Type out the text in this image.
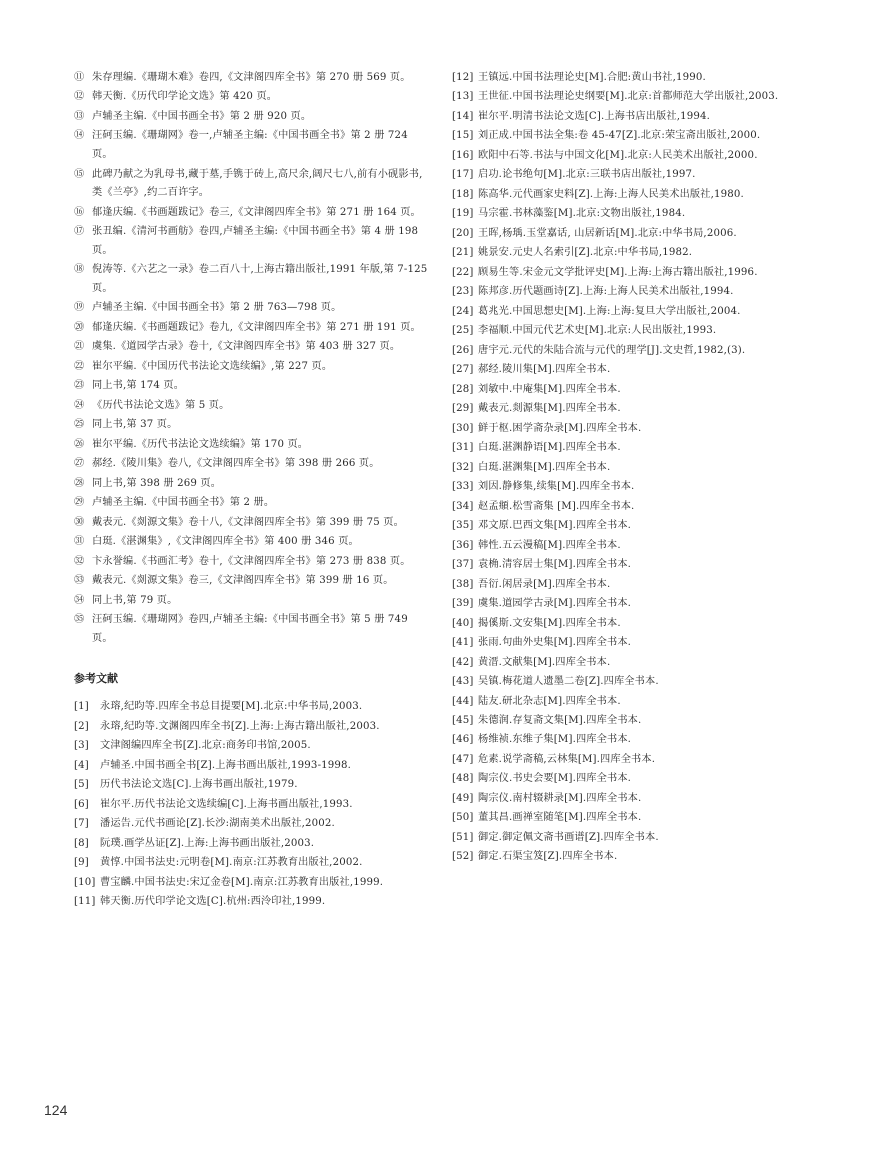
⑪ 朱存理编.《珊瑚木难》卷四,《文津阁四库全书》第 270 册 569 页。
⑫ 韩天衡.《历代印学论文选》第 420 页。
⑬ 卢辅圣主编.《中国书画全书》第 2 册 920 页。
⑭ 汪砢玉编.《珊瑚网》卷一,卢辅圣主编:《中国书画全书》第 2 册 724 页。
⑮ 此碑乃献之为乳母书,藏于墓,手镌于砖上,高尺余,阔尺七八,前有小砚影书,类《兰亭》,约二百许字。
⑯ 郁逢庆编.《书画题跋记》卷三,《文津阁四库全书》第 271 册 164 页。
⑰ 张丑编.《清河书画舫》卷四,卢辅圣主编:《中国书画全书》第 4 册 198 页。
⑱ 倪涛等.《六艺之一录》卷二百八十,上海古籍出版社,1991 年版,第 7-125 页。
⑲ 卢辅圣主编.《中国书画全书》第 2 册 763—798 页。
⑳ 郁逢庆编.《书画题跋记》卷九,《文津阁四库全书》第 271 册 191 页。
㉑ 虞集.《道园学古录》卷十,《文津阁四库全书》第 403 册 327 页。
㉒ 崔尔平编.《中国历代书法论文选续编》,第 227 页。
㉓ 同上书,第 174 页。
㉔ 《历代书法论文选》第 5 页。
㉕ 同上书,第 37 页。
㉖ 崔尔平编.《历代书法论文选续编》第 170 页。
㉗ 郝经.《陵川集》卷八,《文津阁四库全书》第 398 册 266 页。
㉘ 同上书,第 398 册 269 页。
㉙ 卢辅圣主编.《中国书画全书》第 2 册。
㉚ 戴表元.《剡源文集》卷十八,《文津阁四库全书》第 399 册 75 页。
㉛ 白珽.《湛渊集》,《文津阁四库全书》第 400 册 346 页。
㉜ 卞永誉编.《书画汇考》卷十,《文津阁四库全书》第 273 册 838 页。
㉝ 戴表元.《剡源文集》卷三,《文津阁四库全书》第 399 册 16 页。
㉞ 同上书,第 79 页。
㉟ 汪砢玉编.《珊瑚网》卷四,卢辅圣主编:《中国书画全书》第 5 册 749 页。
参考文献
[1] 永瑢,纪昀等.四库全书总目提要[M].北京:中华书局,2003.
[2] 永瑢,纪昀等.文渊阁四库全书[Z].上海:上海古籍出版社,2003.
[3] 文津阁编四库全书[Z].北京:商务印书馆,2005.
[4] 卢辅圣.中国书画全书[Z].上海书画出版社,1993-1998.
[5] 历代书法论文选[C].上海书画出版社,1979.
[6] 崔尔平.历代书法论文选续编[C].上海书画出版社,1993.
[7] 潘运告.元代书画论[Z].长沙:湖南美术出版社,2002.
[8] 阮璞.画学丛证[Z].上海:上海书画出版社,2003.
[9] 黄惇.中国书法史:元明卷[M].南京:江苏教育出版社,2002.
[10] 曹宝麟.中国书法史:宋辽金卷[M].南京:江苏教育出版社,1999.
[11] 韩天衡.历代印学论文选[C].杭州:西泠印社,1999.
[12] 王镇远.中国书法理论史[M].合肥:黄山书社,1990.
[13] 王世征.中国书法理论史纲要[M].北京:首都师范大学出版社,2003.
[14] 崔尔平.明清书法论文选[C].上海书店出版社,1994.
[15] 刘正成.中国书法全集:卷 45-47[Z].北京:荣宝斋出版社,2000.
[16] 欧阳中石等.书法与中国文化[M].北京:人民美术出版社,2000.
[17] 启功.论书绝句[M].北京:三联书店出版社,1997.
[18] 陈高华.元代画家史料[Z].上海:上海人民美术出版社,1980.
[19] 马宗霍.书林藻鉴[M].北京:文物出版社,1984.
[20] 王晖,杨瑀.玉堂嘉话, 山居新话[M].北京:中华书局,2006.
[21] 姚景安.元史人名索引[Z].北京:中华书局,1982.
[22] 顾易生等.宋金元文学批评史[M].上海:上海古籍出版社,1996.
[23] 陈邦彦.历代题画诗[Z].上海:上海人民美术出版社,1994.
[24] 葛兆光.中国思想史[M].上海:上海:复旦大学出版社,2004.
[25] 李福顺.中国元代艺术史[M].北京:人民出版社,1993.
[26] 唐宇元.元代的朱陆合流与元代的理学[J].文史哲,1982,(3).
[27] 郝经.陵川集[M].四库全书本.
[28] 刘敏中.中庵集[M].四库全书本.
[29] 戴表元.剡源集[M].四库全书本.
[30] 鲜于枢.困学斋杂录[M].四库全书本.
[31] 白珽.湛渊静语[M].四库全书本.
[32] 白珽.湛渊集[M].四库全书本.
[33] 刘因.静修集,续集[M].四库全书本.
[34] 赵孟頫.松雪斋集 [M].四库全书本.
[35] 邓文原.巴西文集[M].四库全书本.
[36] 韩性.五云漫稿[M].四库全书本.
[37] 袁桷.清容居士集[M].四库全书本.
[38] 吾衍.闲居录[M].四库全书本.
[39] 虞集.道园学古录[M].四库全书本.
[40] 揭傒斯.文安集[M].四库全书本.
[41] 张雨.句曲外史集[M].四库全书本.
[42] 黄溍.文献集[M].四库全书本.
[43] 吴镇.梅花道人遗墨二卷[Z].四库全书本.
[44] 陆友.研北杂志[M].四库全书本.
[45] 朱德润.存复斋文集[M].四库全书本.
[46] 杨维祯.东维子集[M].四库全书本.
[47] 危素.说学斋稿,云林集[M].四库全书本.
[48] 陶宗仪.书史会要[M].四库全书本.
[49] 陶宗仪.南村辍耕录[M].四库全书本.
[50] 董其昌.画禅室随笔[M].四库全书本.
[51] 御定.御定佩文斋书画谱[Z].四库全书本.
[52] 御定.石渠宝笈[Z].四库全书本.
124
